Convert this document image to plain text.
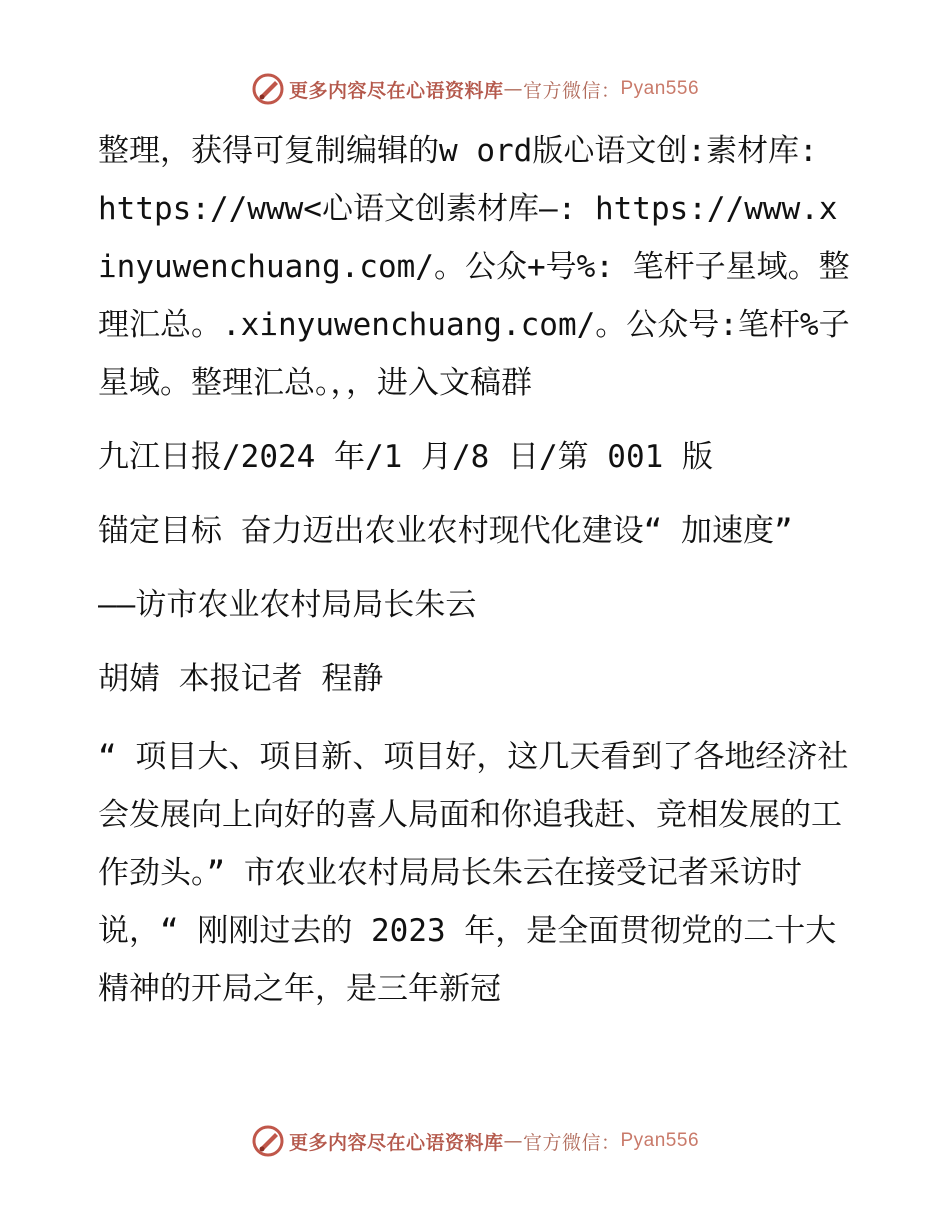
更多内容尽在心语资料库 — 官方微信： Pyan556

整理，获得可复制编辑的w ord版心语文创:素材库: https://www<心语文创素材库—: https://www.xinyuwenchuang.com/。公众+号%: 笔杆子星域。整理汇总。.xinyuwenchuang.com/。公众号:笔杆%子星域。整理汇总。，，进入文稿群

九江日报/2024 年/1 月/8 日/第 001 版

锚定目标 奋力迈出农业农村现代化建设“ 加速度”

——访市农业农村局局长朱云

胡婧 本报记者 程静

“ 项目大、项目新、项目好，这几天看到了各地经济社会发展向上向好的喜人局面和你追我赶、竞相发展的工作劲头。” 市农业农村局局长朱云在接受记者采访时说，“ 刚刚过去的 2023 年，是全面贯彻党的二十大精神的开局之年，是三年新冠

更多内容尽在心语资料库 — 官方微信： Pyan556
